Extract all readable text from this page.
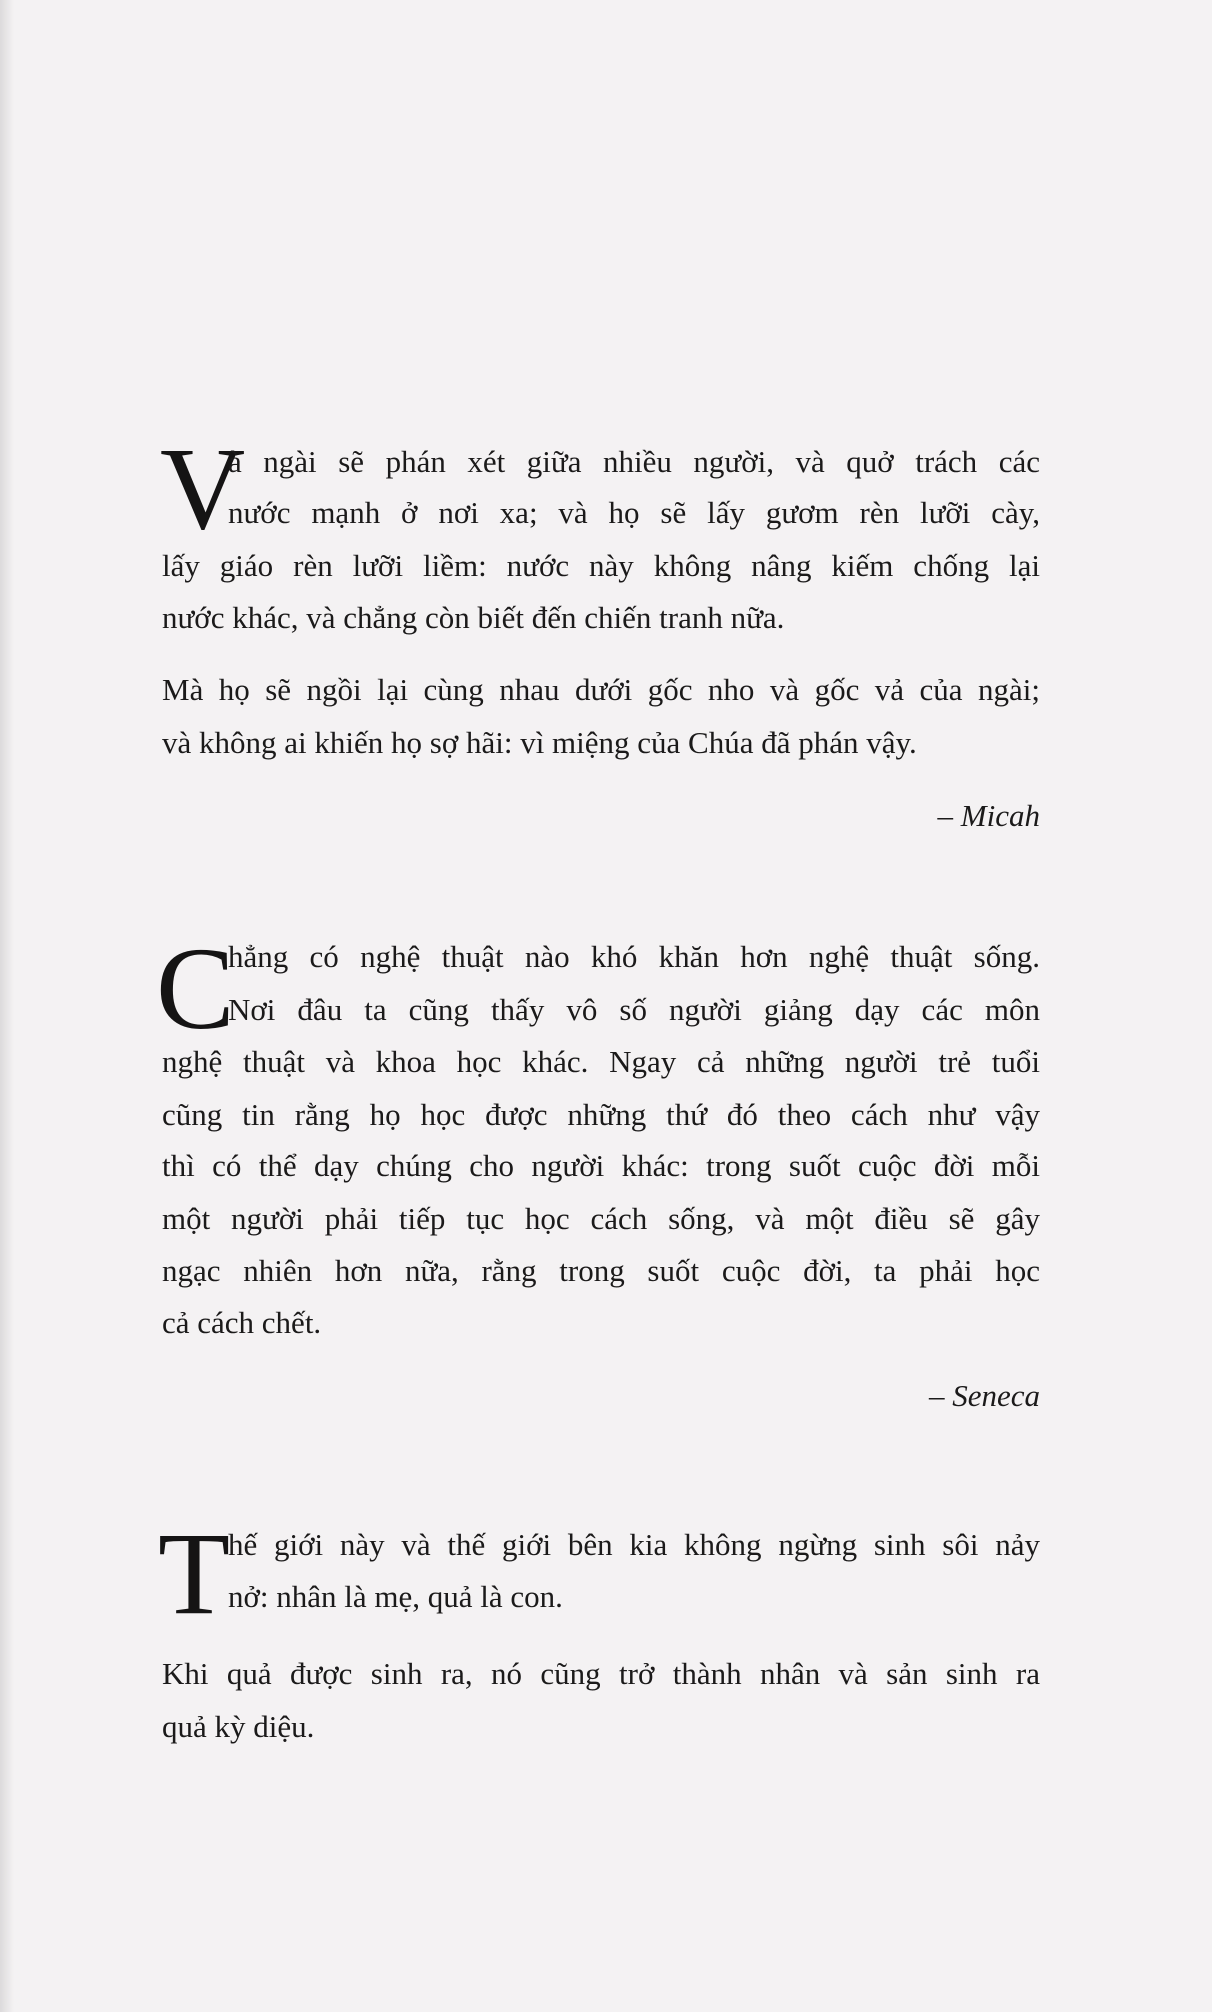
V
à ngài sẽ phán xét giữa nhiều người, và quở trách các
nước mạnh ở nơi xa; và họ sẽ lấy gươm rèn lưỡi cày,
lấy giáo rèn lưỡi liềm: nước này không nâng kiếm chống lại
nước khác, và chẳng còn biết đến chiến tranh nữa.
Mà họ sẽ ngồi lại cùng nhau dưới gốc nho và gốc vả của ngài;
và không ai khiến họ sợ hãi: vì miệng của Chúa đã phán vậy.
– Micah
C
hẳng có nghệ thuật nào khó khăn hơn nghệ thuật sống.
Nơi đâu ta cũng thấy vô số người giảng dạy các môn
nghệ thuật và khoa học khác. Ngay cả những người trẻ tuổi
cũng tin rằng họ học được những thứ đó theo cách như vậy
thì có thể dạy chúng cho người khác: trong suốt cuộc đời mỗi
một người phải tiếp tục học cách sống, và một điều sẽ gây
ngạc nhiên hơn nữa, rằng trong suốt cuộc đời, ta phải học
cả cách chết.
– Seneca
T
hế giới này và thế giới bên kia không ngừng sinh sôi nảy
nở: nhân là mẹ, quả là con.
Khi quả được sinh ra, nó cũng trở thành nhân và sản sinh ra
quả kỳ diệu.
